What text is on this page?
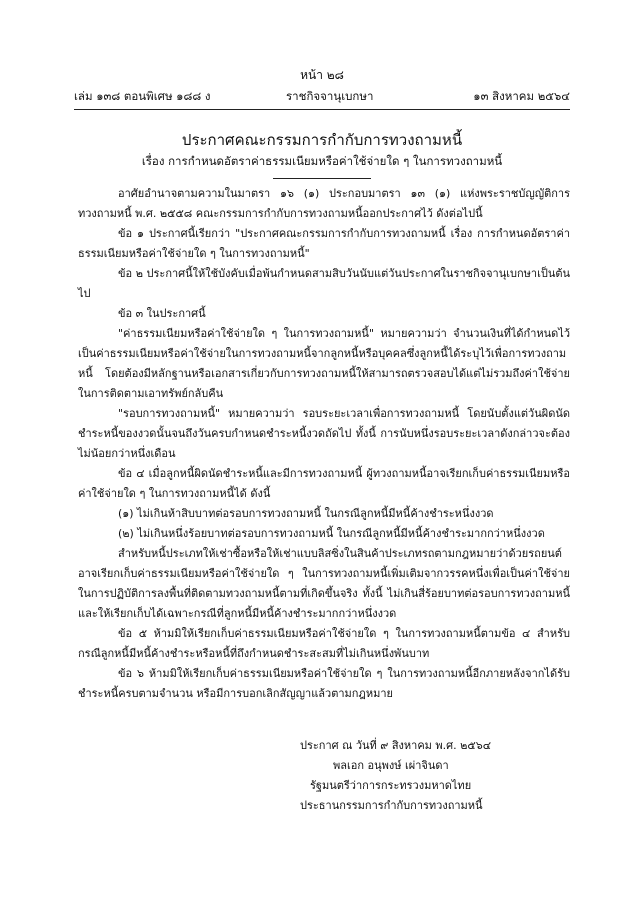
หน้า ๒๘
เล่ม ๑๓๘ ตอนพิเศษ ๑๘๘ ง	ราชกิจจานุเบกษา	๑๓ สิงหาคม ๒๕๖๔
ประกาศคณะกรรมการกำกับการทวงถามหนี้
เรื่อง การกำหนดอัตราค่าธรรมเนียมหรือค่าใช้จ่ายใด ๆ ในการทวงถามหนี้

อาศัยอำนาจตามความในมาตรา ๑๖ (๑) ประกอบมาตรา ๑๓ (๑) แห่งพระราชบัญญัติการทวงถามหนี้ พ.ศ. ๒๕๕๘ คณะกรรมการกำกับการทวงถามหนี้ออกประกาศไว้ ดังต่อไปนี้

ข้อ ๑ ประกาศนี้เรียกว่า "ประกาศคณะกรรมการกำกับการทวงถามหนี้ เรื่อง การกำหนดอัตราค่าธรรมเนียมหรือค่าใช้จ่ายใด ๆ ในการทวงถามหนี้"

ข้อ ๒ ประกาศนี้ให้ใช้บังคับเมื่อพ้นกำหนดสามสิบวันนับแต่วันประกาศในราชกิจจานุเบกษาเป็นต้นไป

ข้อ ๓ ในประกาศนี้

"ค่าธรรมเนียมหรือค่าใช้จ่ายใด ๆ ในการทวงถามหนี้" หมายความว่า จำนวนเงินที่ได้กำหนดไว้เป็นค่าธรรมเนียมหรือค่าใช้จ่ายในการทวงถามหนี้จากลูกหนี้หรือบุคคลซึ่งลูกหนี้ได้ระบุไว้เพื่อการทวงถามหนี้ โดยต้องมีหลักฐานหรือเอกสารเกี่ยวกับการทวงถามหนี้ให้สามารถตรวจสอบได้แต่ไม่รวมถึงค่าใช้จ่ายในการติดตามเอาทรัพย์กลับคืน

"รอบการทวงถามหนี้" หมายความว่า รอบระยะเวลาเพื่อการทวงถามหนี้ โดยนับตั้งแต่วันผิดนัดชำระหนี้ของงวดนั้นจนถึงวันครบกำหนดชำระหนี้งวดถัดไป ทั้งนี้ การนับหนึ่งรอบระยะเวลาดังกล่าวจะต้องไม่น้อยกว่าหนึ่งเดือน

ข้อ ๔ เมื่อลูกหนี้ผิดนัดชำระหนี้และมีการทวงถามหนี้ ผู้ทวงถามหนี้อาจเรียกเก็บค่าธรรมเนียมหรือค่าใช้จ่ายใด ๆ ในการทวงถามหนี้ได้ ดังนี้

(๑) ไม่เกินห้าสิบบาทต่อรอบการทวงถามหนี้ ในกรณีลูกหนี้มีหนี้ค้างชำระหนึ่งงวด

(๒) ไม่เกินหนึ่งร้อยบาทต่อรอบการทวงถามหนี้ ในกรณีลูกหนี้มีหนี้ค้างชำระมากกว่าหนึ่งงวด

สำหรับหนี้ประเภทให้เช่าซื้อหรือให้เช่าแบบลิสซิ่งในสินค้าประเภทรถตามกฎหมายว่าด้วยรถยนต์ อาจเรียกเก็บค่าธรรมเนียมหรือค่าใช้จ่ายใด ๆ ในการทวงถามหนี้เพิ่มเติมจากวรรคหนึ่งเพื่อเป็นค่าใช้จ่ายในการปฏิบัติการลงพื้นที่ติดตามทวงถามหนี้ตามที่เกิดขึ้นจริง ทั้งนี้ ไม่เกินสี่ร้อยบาทต่อรอบการทวงถามหนี้ และให้เรียกเก็บได้เฉพาะกรณีที่ลูกหนี้มีหนี้ค้างชำระมากกว่าหนึ่งงวด

ข้อ ๕ ห้ามมิให้เรียกเก็บค่าธรรมเนียมหรือค่าใช้จ่ายใด ๆ ในการทวงถามหนี้ตามข้อ ๔ สำหรับกรณีลูกหนี้มีหนี้ค้างชำระหรือหนี้ที่ถึงกำหนดชำระสะสมที่ไม่เกินหนึ่งพันบาท

ข้อ ๖ ห้ามมิให้เรียกเก็บค่าธรรมเนียมหรือค่าใช้จ่ายใด ๆ ในการทวงถามหนี้อีกภายหลังจากได้รับชำระหนี้ครบตามจำนวน หรือมีการบอกเลิกสัญญาแล้วตามกฎหมาย

ประกาศ ณ วันที่ ๙ สิงหาคม พ.ศ. ๒๕๖๔
พลเอก อนุพงษ์ เผ่าจินดา
รัฐมนตรีว่าการกระทรวงมหาดไทย
ประธานกรรมการกำกับการทวงถามหนี้
